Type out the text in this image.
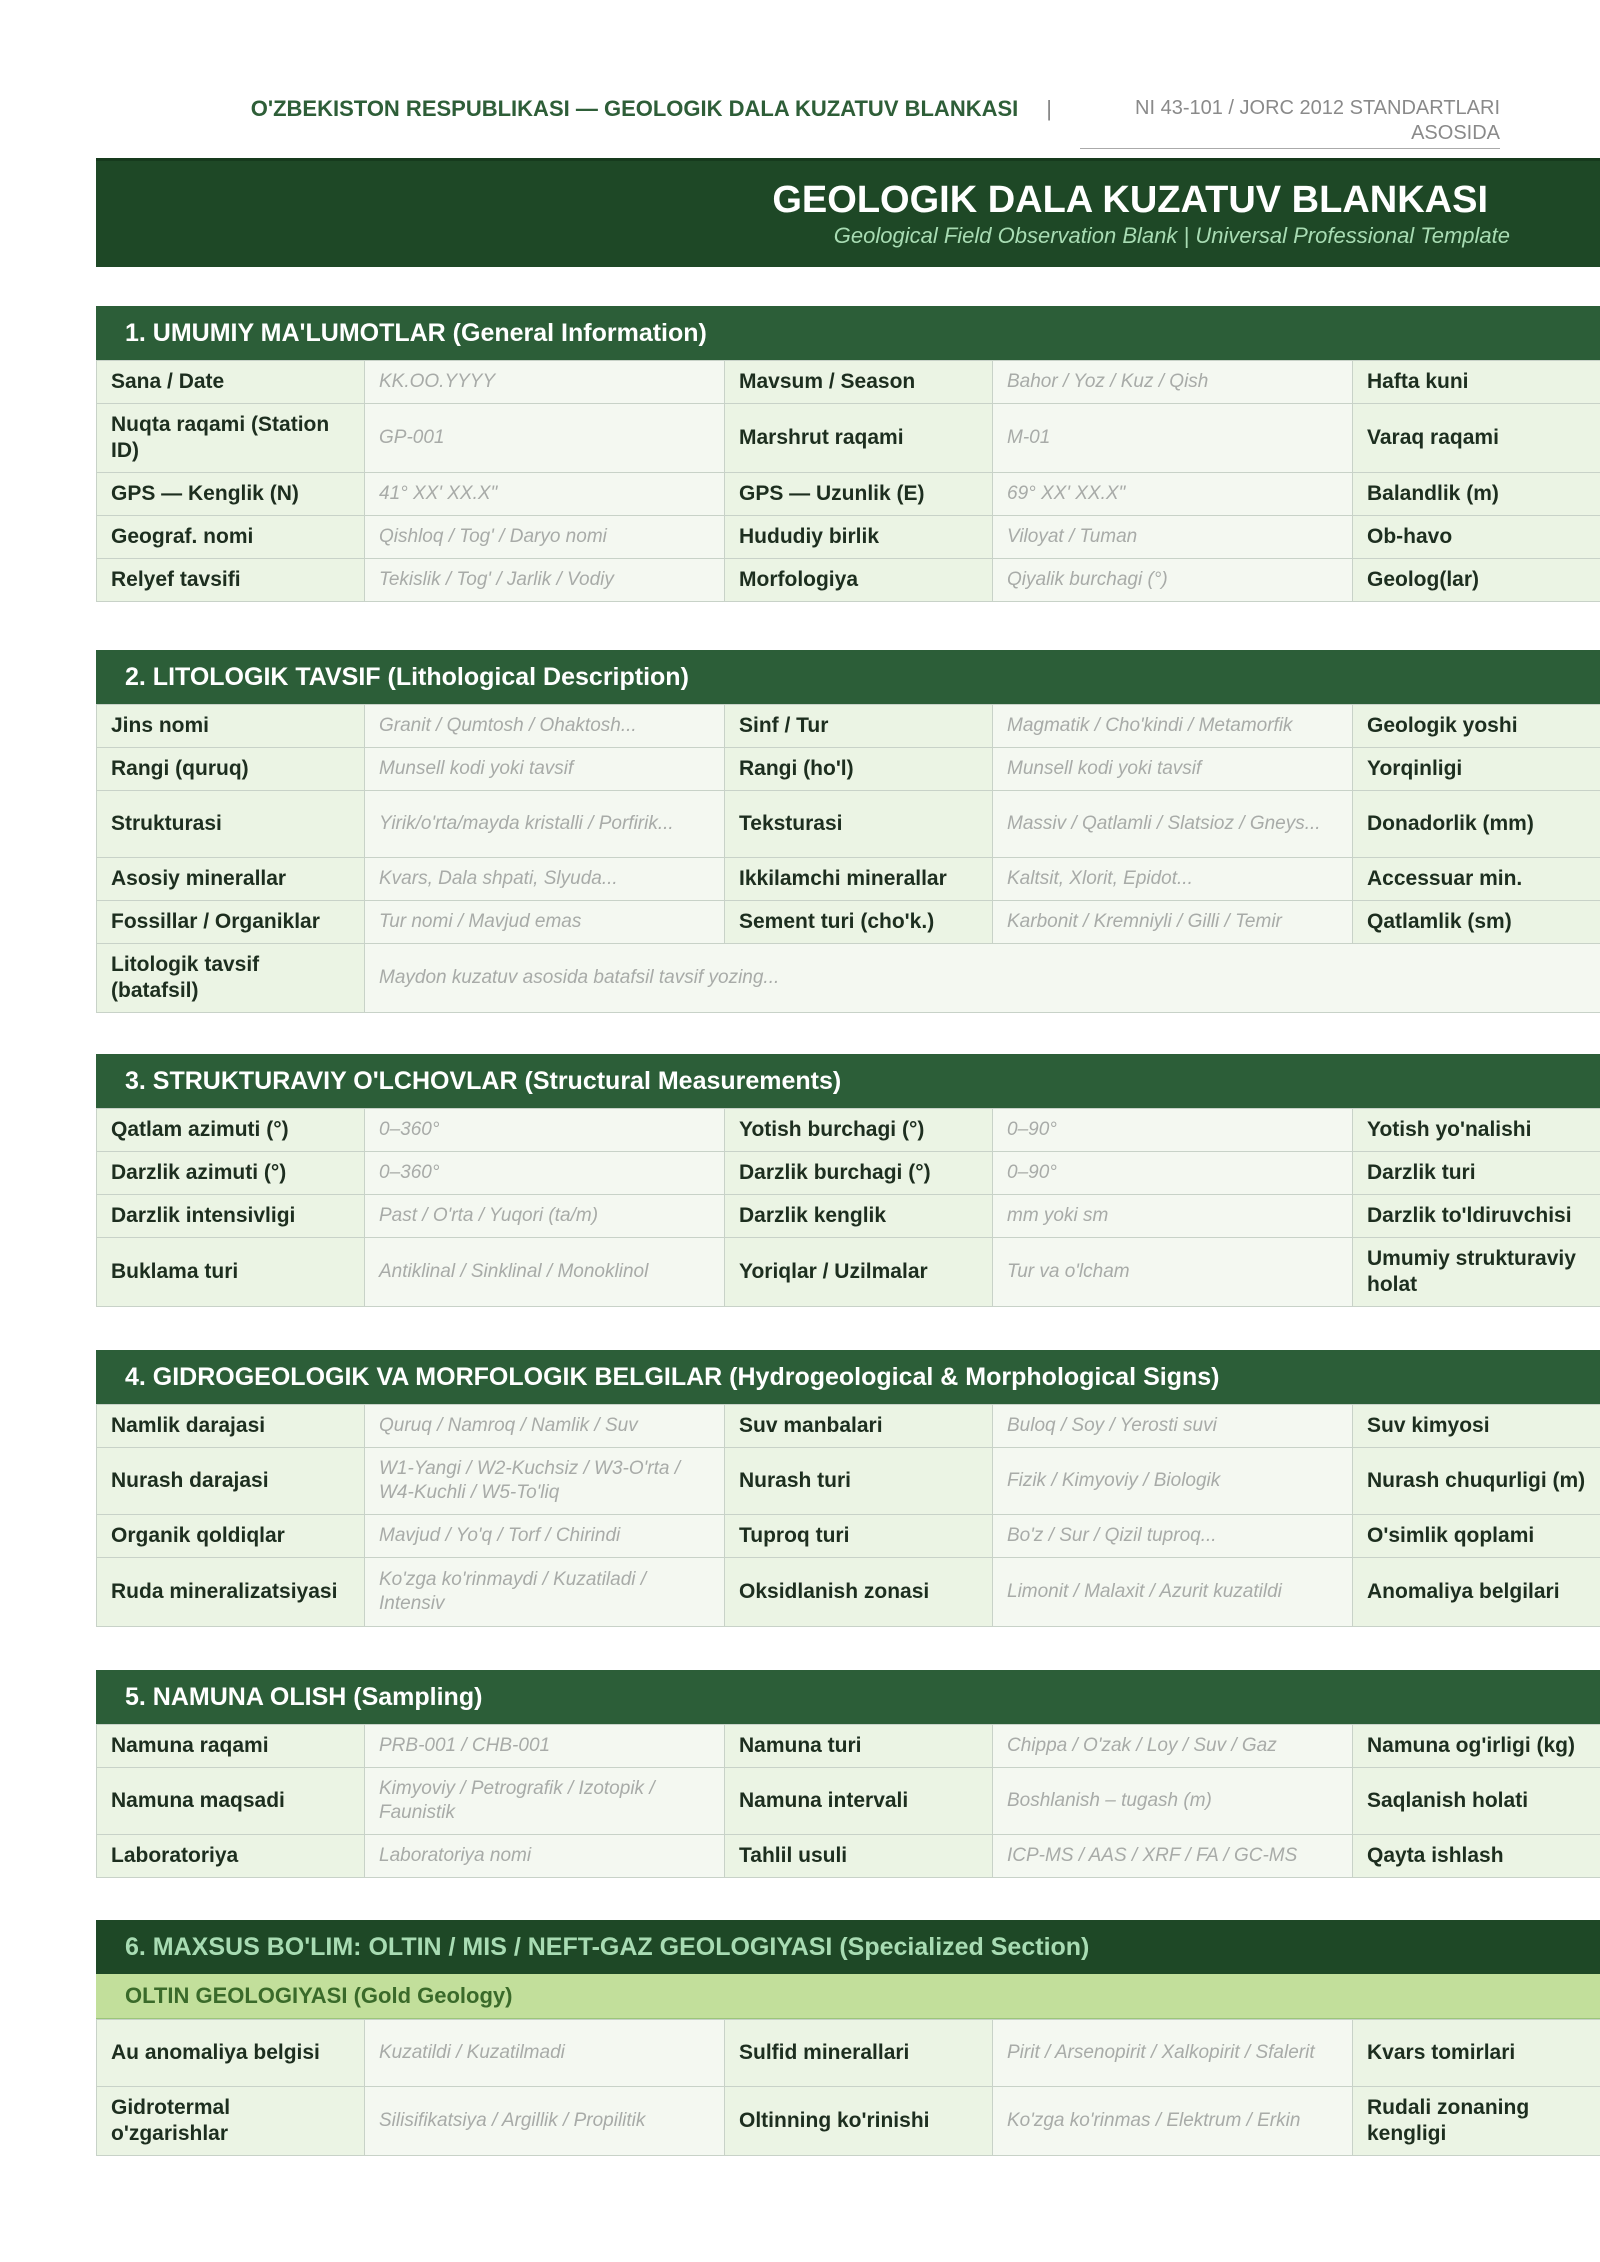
O'ZBEKISTON RESPUBLIKASI — GEOLOGIK DALA KUZATUV BLANKASI |	NI 43-101 / JORC 2012 STANDARTLARI ASOSIDA
GEOLOGIK DALA KUZATUV BLANKASI
Geological Field Observation Blank | Universal Professional Template
1. UMUMIY MA'LUMOTLAR (General Information)
Sana / Date	KK.OO.YYYY	Mavsum / Season	Bahor / Yoz / Kuz / Qish	Hafta kuni
Nuqta raqami (Station ID)	GP-001	Marshrut raqami	M-01	Varaq raqami
GPS — Kenglik (N)	41° XX' XX.X"	GPS — Uzunlik (E)	69° XX' XX.X"	Balandlik (m)
Geograf. nomi	Qishloq / Tog' / Daryo nomi	Hududiy birlik	Viloyat / Tuman	Ob-havo
Relyef tavsifi	Tekislik / Tog' / Jarlik / Vodiy	Morfologiya	Qiyalik burchagi (°)	Geolog(lar)
2. LITOLOGIK TAVSIF (Lithological Description)
Jins nomi	Granit / Qumtosh / Ohaktosh...	Sinf / Tur	Magmatik / Cho'kindi / Metamorfik	Geologik yoshi
Rangi (quruq)	Munsell kodi yoki tavsif	Rangi (ho'l)	Munsell kodi yoki tavsif	Yorqinligi
Strukturasi	Yirik/o'rta/mayda kristalli / Porfirik...	Teksturasi	Massiv / Qatlamli / Slatsioz / Gneys...	Donadorlik (mm)
Asosiy minerallar	Kvars, Dala shpati, Slyuda...	Ikkilamchi minerallar	Kaltsit, Xlorit, Epidot...	Accessuar min.
Fossillar / Organiklar	Tur nomi / Mavjud emas	Sement turi (cho'k.)	Karbonit / Kremniyli / Gilli / Temir	Qatlamlik (sm)
Litologik tavsif (batafsil)	Maydon kuzatuv asosida batafsil tavsif yozing...			
3. STRUKTURAVIY O'LCHOVLAR (Structural Measurements)
Qatlam azimuti (°)	0–360°	Yotish burchagi (°)	0–90°	Yotish yo'nalishi
Darzlik azimuti (°)	0–360°	Darzlik burchagi (°)	0–90°	Darzlik turi
Darzlik intensivligi	Past / O'rta / Yuqori (ta/m)	Darzlik kenglik	mm yoki sm	Darzlik to'ldiruvchisi
Buklama turi	Antiklinal / Sinklinal / Monoklinol	Yoriqlar / Uzilmalar	Tur va o'lcham	Umumiy strukturaviy holat
4. GIDROGEOLOGIK VA MORFOLOGIK BELGILAR (Hydrogeological & Morphological Signs)
Namlik darajasi	Quruq / Namroq / Namlik / Suv	Suv manbalari	Buloq / Soy / Yerosti suvi	Suv kimyosi
Nurash darajasi	W1-Yangi / W2-Kuchsiz / W3-O'rta / W4-Kuchli / W5-To'liq	Nurash turi	Fizik / Kimyoviy / Biologik	Nurash chuqurligi (m)
Organik qoldiqlar	Mavjud / Yo'q / Torf / Chirindi	Tuproq turi	Bo'z / Sur / Qizil tuproq...	O'simlik qoplami
Ruda mineralizatsiyasi	Ko'zga ko'rinmaydi / Kuzatiladi / Intensiv	Oksidlanish zonasi	Limonit / Malaxit / Azurit kuzatildi	Anomaliya belgilari
5. NAMUNA OLISH (Sampling)
Namuna raqami	PRB-001 / CHB-001	Namuna turi	Chippa / O'zak / Loy / Suv / Gaz	Namuna og'irligi (kg)
Namuna maqsadi	Kimyoviy / Petrografik / Izotopik / Faunistik	Namuna intervali	Boshlanish – tugash (m)	Saqlanish holati
Laboratoriya	Laboratoriya nomi	Tahlil usuli	ICP-MS / AAS / XRF / FA / GC-MS	Qayta ishlash
6. MAXSUS BO'LIM: OLTIN / MIS / NEFT-GAZ GEOLOGIYASI (Specialized Section)
OLTIN GEOLOGIYASI (Gold Geology)
Au anomaliya belgisi	Kuzatildi / Kuzatilmadi	Sulfid minerallari	Pirit / Arsenopirit / Xalkopirit / Sfalerit	Kvars tomirlari
Gidrotermal o'zgarishlar	Silisifikatsiya / Argillik / Propilitik	Oltinning ko'rinishi	Ko'zga ko'rinmas / Elektrum / Erkin	Rudali zonaning kengligi
